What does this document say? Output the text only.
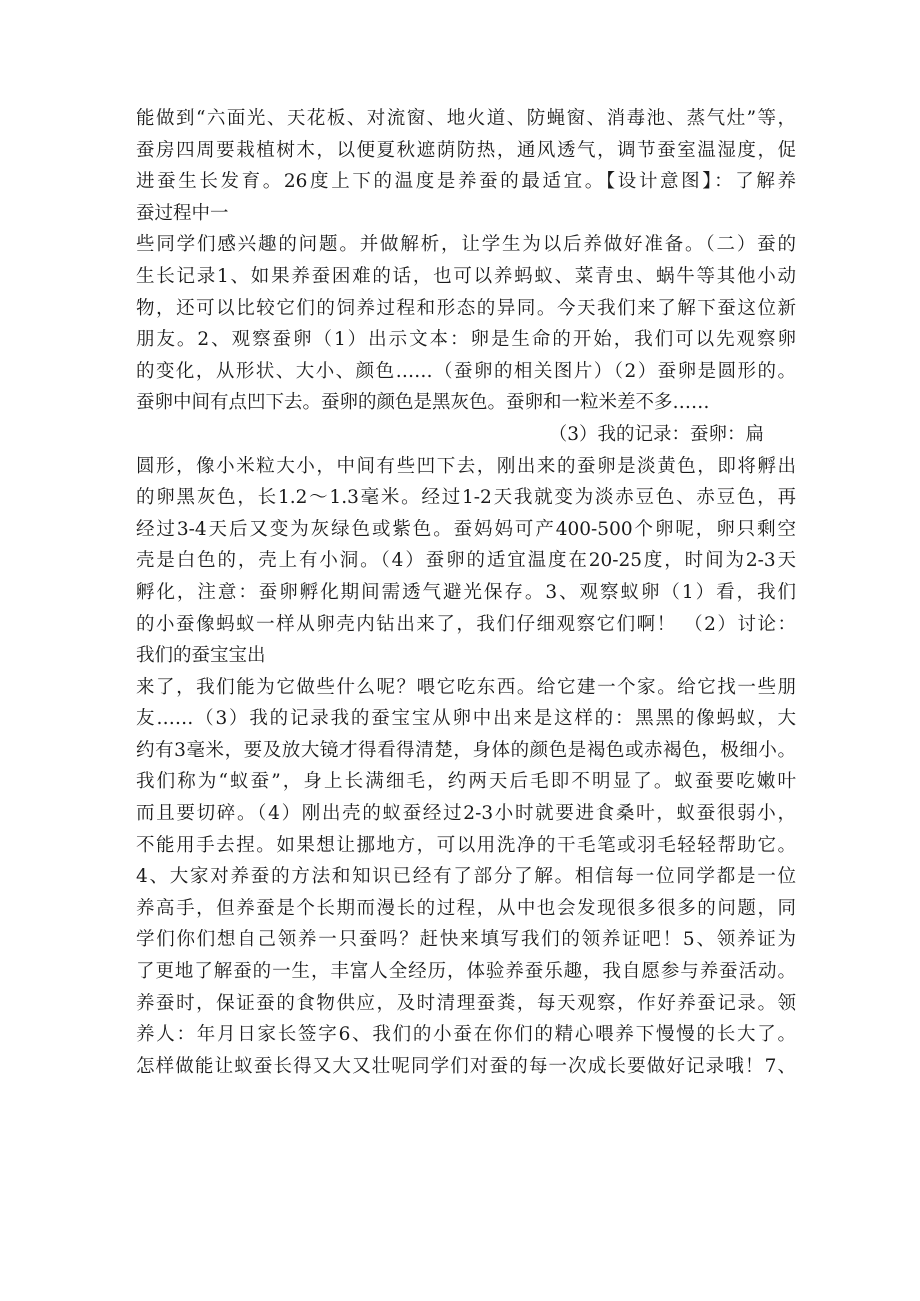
能做到“六面光、天花板、对流窗、地火道、防蝇窗、消毒池、蒸气灶”等，
蚕房四周要栽植树木，以便夏秋遮荫防热，通风透气，调节蚕室温湿度，促
进蚕生长发育。26度上下的温度是养蚕的最适宜。【设计意图】：了解养
蚕过程中一
些同学们感兴趣的问题。并做解析，让学生为以后养做好准备。（二）蚕的
生长记录1、如果养蚕困难的话，也可以养蚂蚁、菜青虫、蜗牛等其他小动
物，还可以比较它们的饲养过程和形态的异同。今天我们来了解下蚕这位新
朋友。2、观察蚕卵（1）出示文本：卵是生命的开始，我们可以先观察卵
的变化，从形状、大小、颜色……（蚕卵的相关图片）（2）蚕卵是圆形的。
蚕卵中间有点凹下去。蚕卵的颜色是黑灰色。蚕卵和一粒米差不多……
（3）我的记录：蚕卵：扁
圆形，像小米粒大小，中间有些凹下去，刚出来的蚕卵是淡黄色，即将孵出
的卵黑灰色，长1.2～1.3毫米。经过1-2天我就变为淡赤豆色、赤豆色，再
经过3-4天后又变为灰绿色或紫色。蚕妈妈可产400-500个卵呢，卵只剩空
壳是白色的，壳上有小洞。（4）蚕卵的适宜温度在20-25度，时间为2-3天
孵化，注意：蚕卵孵化期间需透气避光保存。3、观察蚁卵（1）看，我们
的小蚕像蚂蚁一样从卵壳内钻出来了，我们仔细观察它们啊！ （2）讨论：
我们的蚕宝宝出
来了，我们能为它做些什么呢？喂它吃东西。给它建一个家。给它找一些朋
友……（3）我的记录我的蚕宝宝从卵中出来是这样的：黑黑的像蚂蚁，大
约有3毫米，要及放大镜才得看得清楚，身体的颜色是褐色或赤褐色，极细小。
我们称为“蚁蚕”，身上长满细毛，约两天后毛即不明显了。蚁蚕要吃嫩叶
而且要切碎。（4）刚出壳的蚁蚕经过2-3小时就要进食桑叶，蚁蚕很弱小，
不能用手去捏。如果想让挪地方，可以用洗净的干毛笔或羽毛轻轻帮助它。
4、大家对养蚕的方法和知识已经有了部分了解。相信每一位同学都是一位
养高手，但养蚕是个长期而漫长的过程，从中也会发现很多很多的问题，同
学们你们想自己领养一只蚕吗？赶快来填写我们的领养证吧！5、领养证为
了更地了解蚕的一生，丰富人全经历，体验养蚕乐趣，我自愿参与养蚕活动。
养蚕时，保证蚕的食物供应，及时清理蚕粪，每天观察，作好养蚕记录。领
养人：年月日家长签字6、我们的小蚕在你们的精心喂养下慢慢的长大了。
怎样做能让蚁蚕长得又大又壮呢同学们对蚕的每一次成长要做好记录哦！7、
